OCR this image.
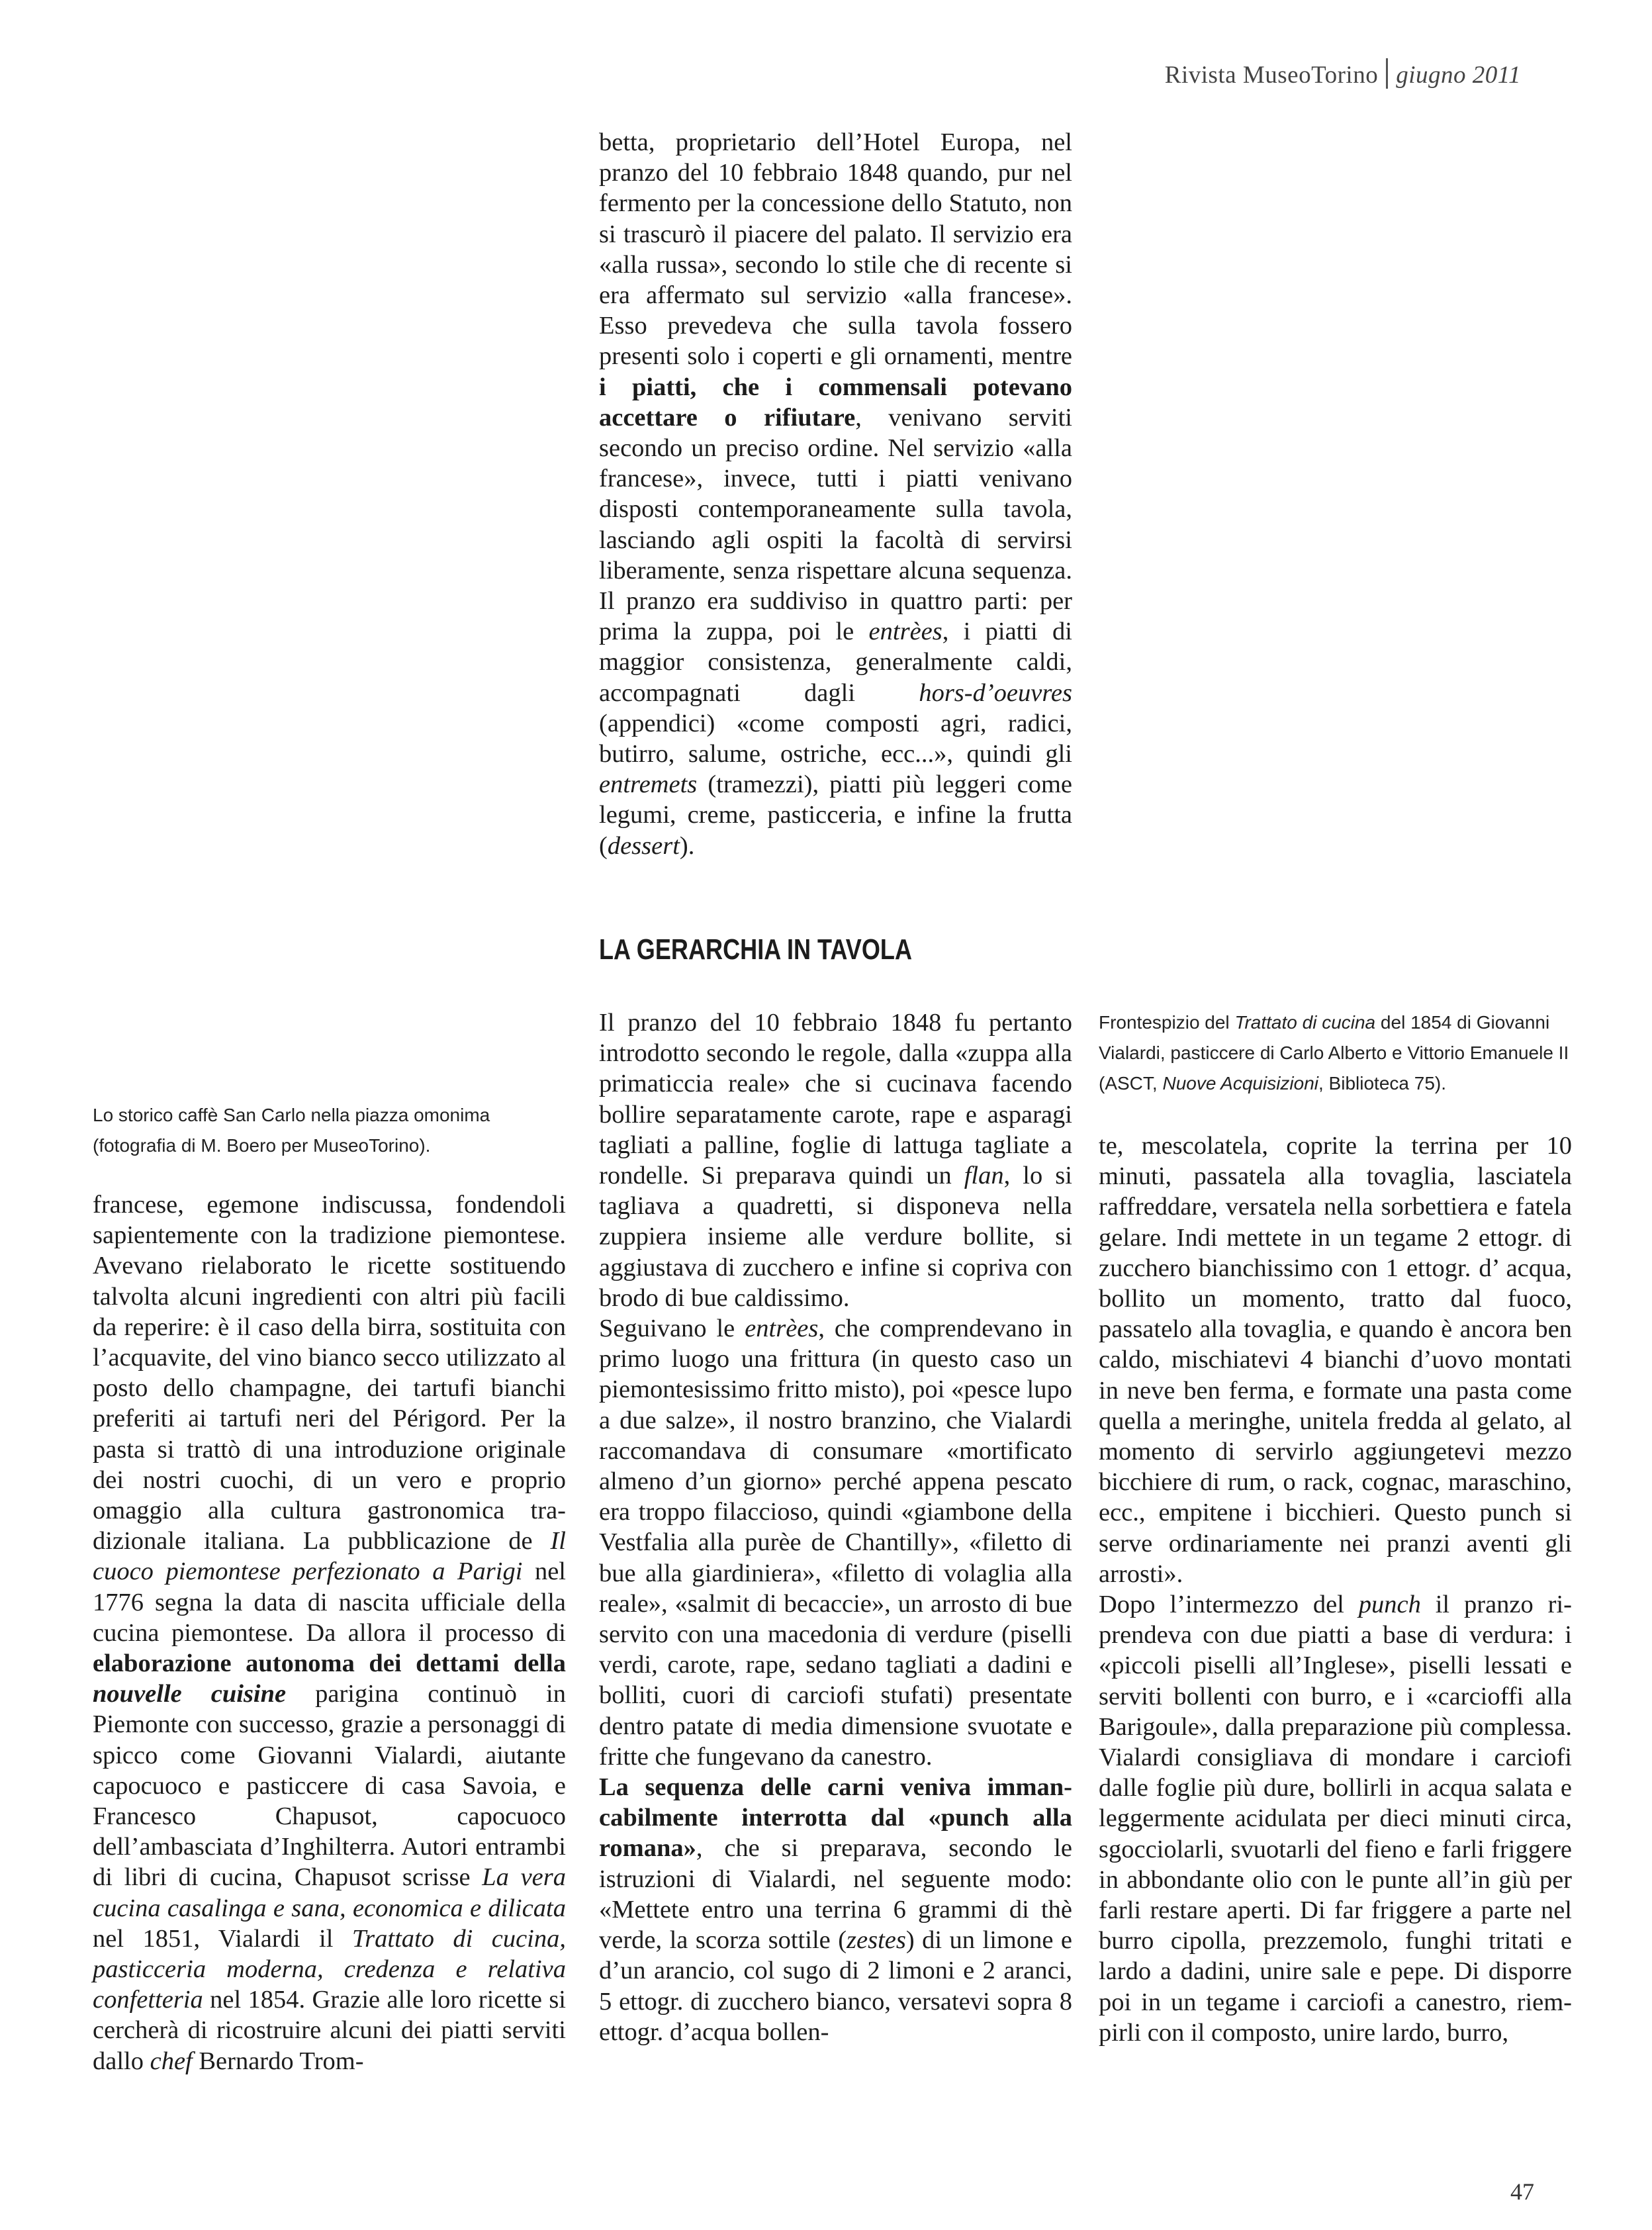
Rivista MuseoTorino giugno 2011
Lo storico caffè San Carlo nella piazza omonima (fotografia di M. Boero per MuseoTorino).
Frontespizio del Trattato di cucina del 1854 di Giovanni Vialardi, pasticcere di Carlo Alberto e Vittorio Emanuele II (ASCT, Nuove Acquisizioni, Biblioteca 75).

francese, egemone indiscussa, fondendoli sapientemente con la tradizione piemontese. Avevano rielaborato le ricette sostituendo talvolta alcuni ingredienti con altri più facili da reperire: è il caso della birra, sostituita con l’acquavite, del vino bianco secco utilizzato al posto dello champagne, dei tartufi bianchi preferiti ai tartufi neri del Périgord. Per la pasta si trattò di una introduzione originale dei nostri cuochi, di un vero e proprio omaggio alla cultura gastronomica tradizionale italiana. La pubblicazione de Il cuoco piemontese perfezionato a Parigi nel 1776 segna la data di nascita ufficiale della cucina piemontese. Da allora il processo di elaborazione autonoma dei dettami della nouvelle cuisine parigina continuò in Piemonte con successo, grazie a personaggi di spicco come Giovanni Vialardi, aiutante capocuoco e pasticcere di casa Savoia, e Francesco Chapusot, capocuoco dell’ambasciata d’Inghilterra. Autori entrambi di libri di cucina, Chapusot scrisse La vera cucina casalinga e sana, economica e dilicata nel 1851, Vialardi il Trattato di cucina, pasticceria moderna, credenza e relativa confetteria nel 1854. Grazie alle loro ricette si cercherà di ricostruire alcuni dei piatti serviti dallo chef Bernardo Trom-

betta, proprietario dell’Hotel Europa, nel pranzo del 10 febbraio 1848 quando, pur nel fermento per la concessione dello Statuto, non si trascurò il piacere del palato. Il servizio era «alla russa», secondo lo stile che di recente si era affermato sul servizio «alla francese». Esso prevedeva che sulla tavola fossero presenti solo i coperti e gli ornamenti, mentre i piatti, che i commensali potevano accettare o rifiutare, venivano serviti secondo un preciso ordine. Nel servizio «alla francese», invece, tutti i piatti venivano disposti contemporaneamente sulla tavola, lasciando agli ospiti la facoltà di servirsi liberamente, senza rispettare alcuna sequenza. Il pranzo era suddiviso in quattro parti: per prima la zuppa, poi le entrèes, i piatti di maggior consistenza, generalmente caldi, accompagnati dagli hors-d’oeuvres (appendici) «come composti agri, radici, butirro, salume, ostriche, ecc...», quindi gli entremets (tramezzi), piatti più leggeri come legumi, creme, pasticceria, e infine la frutta (dessert).

LA GERARCHIA IN TAVOLA

Il pranzo del 10 febbraio 1848 fu pertanto introdotto secondo le regole, dalla «zuppa alla primaticcia reale» che si cucinava facendo bollire separatamente carote, rape e asparagi tagliati a palline, foglie di lattuga tagliate a rondelle. Si preparava quindi un flan, lo si tagliava a quadretti, si disponeva nella zuppiera insieme alle verdure bollite, si aggiustava di zucchero e infine si copriva con brodo di bue caldissimo.

Seguivano le entrèes, che comprendevano in primo luogo una frittura (in questo caso un piemontesissimo fritto misto), poi «pesce lupo a due salze», il nostro branzino, che Vialardi raccomandava di consumare «mortificato almeno d’un giorno» perché appena pescato era troppo filaccioso, quindi «giambone della Vestfalia alla purèe de Chantilly», «filetto di bue alla giardiniera», «filetto di volaglia alla reale», «salmit di becaccie», un arrosto di bue servito con una macedonia di verdure (piselli verdi, carote, rape, sedano tagliati a dadini e bolliti, cuori di carciofi stufati) presentate dentro patate di media dimensione svuotate e fritte che fungevano da canestro.

La sequenza delle carni veniva immancabilmente interrotta dal «punch alla romana», che si preparava, secondo le istruzioni di Vialardi, nel seguente modo: «Mettete entro una terrina 6 grammi di thè verde, la scorza sottile (zestes) di un limone e d’un arancio, col sugo di 2 limoni e 2 aranci, 5 ettogr. di zucchero bianco, versatevi sopra 8 ettogr. d’acqua bollen-

te, mescolatela, coprite la terrina per 10 minuti, passatela alla tovaglia, lasciatela raffreddare, versatela nella sorbettiera e fatela gelare. Indi mettete in un tegame 2 ettogr. di zucchero bianchissimo con 1 ettogr. d’ acqua, bollito un momento, tratto dal fuoco, passatelo alla tovaglia, e quando è ancora ben caldo, mischiatevi 4 bianchi d’uovo montati in neve ben ferma, e formate una pasta come quella a meringhe, unitela fredda al gelato, al momento di servirlo aggiungetevi mezzo bicchiere di rum, o rack, cognac, maraschino, ecc., empitene i bicchieri. Questo punch si serve ordinariamente nei pranzi aventi gli arrosti».

Dopo l’intermezzo del punch il pranzo riprendeva con due piatti a base di verdura: i «piccoli piselli all’Inglese», piselli lessati e serviti bollenti con burro, e i «carcioffi alla Barigoule», dalla preparazione più complessa. Vialardi consigliava di mondare i carciofi dalle foglie più dure, bollirli in acqua salata e leggermente acidulata per dieci minuti circa, sgocciolarli, svuotarli del fieno e farli friggere in abbondante olio con le punte all’in giù per farli restare aperti. Di far friggere a parte nel burro cipolla, prezzemolo, funghi tritati e lardo a dadini, unire sale e pepe. Di disporre poi in un tegame i carciofi a canestro, riempirli con il composto, unire lardo, burro,

47
